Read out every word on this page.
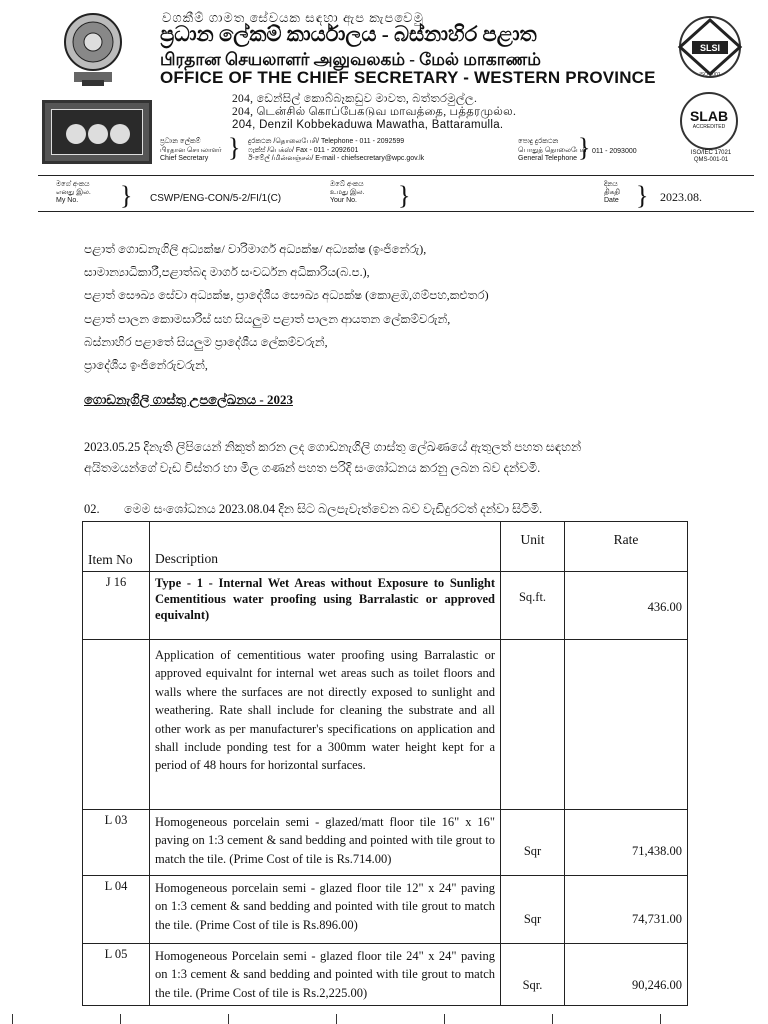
වගකීම් ගාමත සේවයක සඳහා ඇප කැපවෙමු
ප්‍රධාන ලේකම් කාර්යාලය - බස්නාහිර පළාත
பிரதான செயலாளர் அலுவலகம் - மேல் மாகாணம்
OFFICE OF THE CHIEF SECRETARY - WESTERN PROVINCE
204, ඩෙන්සිල් කොබ්බෑකඩුව මාවත, බත්තරමුල්ල.
204, டென்சில் கொப்பேகடுவ மாவத்தை, பத்தரமுல்ல.
204, Denzil Kobbekaduwa Mawatha, Battaramulla.
SLSI
ISO 9001
SLAB
ACCREDITED
ISO/IEC 17021
QMS-001-01
ප්‍රධාන ලේකම්
பிரதான செயலாளர்
Chief Secretary } දුරකථන /தொலைபேசி/ Telephone - 011 - 2092599
ෆැක්ස් /பெக்ஸ்/ Fax - 011 - 2092601
ඊ-මේල් /மின்னஞ்சல்/ E-mail - chiefsecretary@wpc.gov.lk
පොදු දුරකථන
பொதுத் தொலைபேசி
General Telephone } 011 - 2093000
මගේ අංකය
எனது இல.
My No.	} CSWP/ENG-CON/5-2/FI/1(C)
ඔබේ අංකය
உமது இல.
Your No. }	දිනය
திகதி
Date } 2023.08.
පළාත් ගොඩනැගිලි අධ්‍යක්ෂ/ වාරිමාර්ග අධ්‍යක්ෂ/ අධ්‍යක්ෂ (ඉංජිනේරු),
සාමාන්‍යාධිකාරී,පළාත්බද මාර්ග සංවර්ධන අධිකාරිය(බ.ප.),
පළාත් සෞඛ්‍ය සේවා අධ්‍යක්ෂ, ප්‍රාදේශීය සෞඛ්‍ය අධ්‍යක්ෂ (කොළඹ,ගම්පහ,කළුතර)
පළාත් පාලන කොමසාරිස් සහ සියලුම පළාත් පාලන ආයතන ලේකම්වරුන්,
බස්නාහිර පළාතේ සියලුම ප්‍රාදේශීය ලේකම්වරුන්,
ප්‍රාදේශීය ඉංජිනේරුවරුන්,
ගොඩනැගිලි ගාස්තු උපලේඛනය - 2023
2023.05.25 දිනැති ලිපියෙන් නිකුත් කරන ලද ගොඩනැගිලි ගාස්තු ලේඛණයේ ඇතුලත් පහත සඳහන්
අයිතමයන්ගේ වැඩ විස්තර හා මිල ගණන් පහත පරිදි සංශෝධනය කරනු ලබන බව දන්වමි.
02. මෙම සංශෝධනය 2023.08.04 දින සිට බලපැවැත්වෙන බව වැඩිදුරටත් දන්වා සිටිමි.
Item No	Description	Unit	Rate
J 16	Type - 1 - Internal Wet Areas without Exposure to Sunlight Cementitious water proofing using Barralastic or approved equivalnt)	Sq.ft.	436.00
	Application of cementitious water proofing using Barralastic or approved equivalnt for internal wet areas such as toilet floors and walls where the surfaces are not directly exposed to sunlight and weathering. Rate shall include for cleaning the substrate and all other work as per manufacturer's specifications on application and shall include ponding test for a 300mm water height kept for a period of 48 hours for horizontal surfaces.		
L 03	Homogeneous porcelain semi - glazed/matt floor tile 16" x 16" paving on 1:3 cement & sand bedding and pointed with tile grout to match the tile. (Prime Cost of tile is Rs.714.00)	Sqr	71,438.00
L 04	Homogeneous porcelain semi - glazed floor tile 12" x 24" paving on 1:3 cement & sand bedding and pointed with tile grout to match the tile. (Prime Cost of tile is Rs.896.00)	Sqr	74,731.00
L 05	Homogeneous Porcelain semi - glazed floor tile 24" x 24" paving on 1:3 cement & sand bedding and pointed with tile grout to match the tile. (Prime Cost of tile is Rs.2,225.00)	Sqr.	90,246.00
